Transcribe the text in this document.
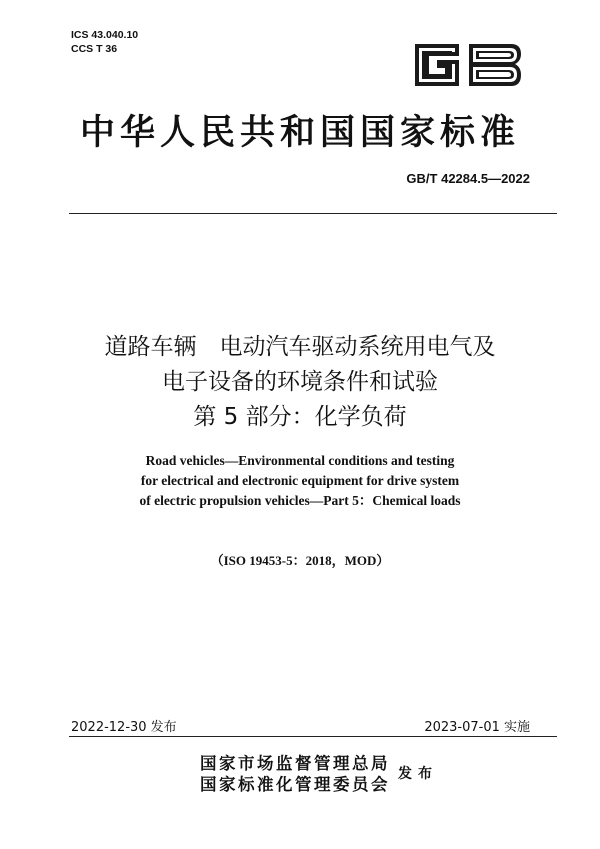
ICS 43.040.10
CCS T 36
中华人民共和国国家标准
GB/T 42284.5—2022
道路车辆　电动汽车驱动系统用电气及
电子设备的环境条件和试验
第 5 部分：化学负荷
Road vehicles—Environmental conditions and testing
for electrical and electronic equipment for drive system
of electric propulsion vehicles—Part 5：Chemical loads
（ISO 19453-5：2018，MOD）
2022-12-30 发布	2023-07-01 实施
国家市场监督管理总局
国家标准化管理委员会
发布
